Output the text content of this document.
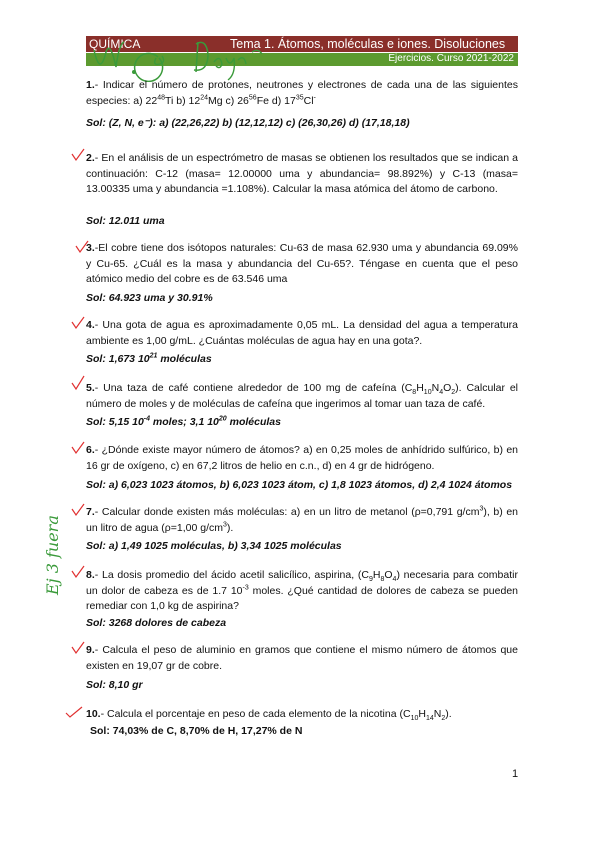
QUÍMICA	Tema 1. Átomos, moléculas e iones. Disoluciones
Ejercicios. Curso 2021-2022
Ej 3 fuera
1.- Indicar el número de protones, neutrones y electrones de cada una de las siguientes especies: a) $22^{48}Ti$ b) $12^{24}Mg$ c) $26^{56}Fe$ d) $17^{35}Cl^-$
Sol: (Z, N, e⁻): a) (22,26,22) b) (12,12,12) c) (26,30,26) d) (17,18,18)
2.- En el análisis de un espectrómetro de masas se obtienen los resultados que se indican a continuación: C-12 (masa= 12.00000 uma y abundancia= 98.892%) y C-13 (masa= 13.00335 uma y abundancia =1.108%). Calcular la masa atómica del átomo de carbono.
Sol: 12.011 uma
3.-El cobre tiene dos isótopos naturales: Cu-63 de masa 62.930 uma y abundancia 69.09% y Cu-65. ¿Cuál es la masa y abundancia del Cu-65?. Téngase en cuenta que el peso atómico medio del cobre es de 63.546 uma
Sol: 64.923 uma y 30.91%
4.- Una gota de agua es aproximadamente 0,05 mL. La densidad del agua a temperatura ambiente es 1,00 g/mL. ¿Cuántas moléculas de agua hay en una gota?.
Sol: 1,673 $10^{21}$ moléculas
5.- Una taza de café contiene alrededor de 100 mg de cafeína $(C_8H_{10}N_4O_2)$. Calcular el número de moles y de moléculas de cafeína que ingerimos al tomar uan taza de café.
Sol: 5,15 $10^{-4}$ moles; 3,1 $10^{20}$ moléculas
6.- ¿Dónde existe mayor número de átomos? a) en 0,25 moles de anhídrido sulfúrico, b) en 16 gr de oxígeno, c) en 67,2 litros de helio en c.n., d) en 4 gr de hidrógeno.
Sol: a) 6,023 1023 átomos, b) 6,023 1023 átom, c) 1,8 1023 átomos, d) 2,4 1024 átomos
7.- Calcular donde existen más moléculas: a) en un litro de metanol (ρ=0,791 $g/cm^3$), b) en un litro de agua (ρ=1,00 $g/cm^3$).
Sol: a) 1,49 1025 moléculas, b) 3,34 1025 moléculas
8.- La dosis promedio del ácido acetil salicílico, aspirina, $(C_9H_8O_4)$ necesaria para combatir un dolor de cabeza es de 1.7 $10^{-3}$ moles. ¿Qué cantidad de dolores de cabeza se pueden remediar con 1,0 kg de aspirina?
Sol: 3268 dolores de cabeza
9.- Calcula el peso de aluminio en gramos que contiene el mismo número de átomos que existen en 19,07 gr de cobre.
Sol: 8,10 gr
10.- Calcula el porcentaje en peso de cada elemento de la nicotina $(C_{10}H_{14}N_2)$.
Sol: 74,03% de C, 8,70% de H, 17,27% de N
1
